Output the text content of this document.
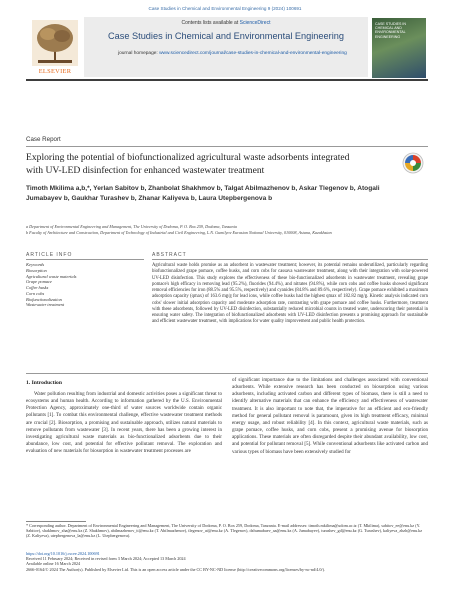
Case Studies in Chemical and Environmental Engineering 9 (2024) 100691
Contents lists available at ScienceDirect
ELSEVIER
Case Studies in Chemical and Environmental Engineering
journal homepage: www.sciencedirect.com/journal/case-studies-in-chemical-and-environmental-engineering
CASE STUDIES IN CHEMICAL AND ENVIRONMENTAL ENGINEERING
Case Report
Exploring the potential of biofunctionalized agricultural waste adsorbents integrated with UV-LED disinfection for enhanced wastewater treatment
Timoth Mkilima a,b,*, Yerlan Sabitov b, Zhanbolat Shakhmov b, Talgat Abilmazhenov b, Askar Tlegenov b, Atogali Jumabayev b, Gaukhar Turashev b, Zhanar Kaliyeva b, Laura Utepbergenova b
a Department of Environmental Engineering and Management, The University of Dodoma, P. O. Box 259, Dodoma, Tanzania
b Faculty of Architecture and Construction, Department of Technology of Industrial and Civil Engineering, L.N. Gumilyov Eurasian National University, 010008, Astana, Kazakhstan
ARTICLE INFO	ABSTRACT
Keywords
Biosorption
Agricultural waste materials
Grape pomace
Coffee husks
Corn cobs
Biofunctionalization
Wastewater treatment
Agricultural waste holds promise as an adsorbent in wastewater treatment; however, its potential remains underutilized, particularly regarding biofunctionalized grape pomace, coffee husks, and corn cobs for cassava wastewater treatment, along with their integration with solar-powered UV-LED disinfection. This study explores the effectiveness of these bio-functionalized adsorbents in wastewater treatment, revealing grape pomace's high efficacy in removing lead (95.2%), fluorides (94.4%), and nitrates (94.8%), while corn cobs and coffee husks showed significant removal efficiencies for iron (88.5% and 95.5%, respectively) and cyanides (84.8% and 89.6%, respectively). Grape pomace exhibited a maximum adsorption capacity (qmax) of 163.6 mg/g for lead ions, while coffee husks had the highest qmax of 182.82 mg/g. Kinetic analysis indicated corn cobs' slower initial adsorption capacity and moderate adsorption rate, contrasting with grape pomace and coffee husks. Furthermore, treatment with these adsorbents, followed by UV-LED disinfection, substantially reduced microbial counts in treated water, underscoring their potential in ensuring water safety. The integration of biofunctionalized adsorbents with UV-LED disinfection presents a promising approach for sustainable and efficient wastewater treatment, with implications for water quality improvement and public health protection.
1. Introduction
Water pollution resulting from industrial and domestic activities poses a significant threat to ecosystems and human health. According to information gathered by the U.S. Environmental Protection Agency, approximately one-third of water sources worldwide contain organic pollutants [1]. To combat this environmental challenge, effective wastewater treatment methods are crucial [2]. Biosorption, a promising and sustainable approach, utilizes natural materials to remove pollutants from wastewater [3]. In recent years, there has been a growing interest in investigating agricultural waste materials as bio-functionalized adsorbents due to their abundance, low cost, and potential for effective pollutant removal. The exploration and evaluation of new materials for biosorption in wastewater treatment processes are
of significant importance due to the limitations and challenges associated with conventional adsorbents. While extensive research has been conducted on biosorption using various adsorbents, including activated carbon and different types of biomass, there is still a need to identify alternative materials that can enhance the efficiency and effectiveness of wastewater treatment. It is also important to note that, the imperative for an efficient and eco-friendly method for general pollutant removal is paramount, given its high treatment efficacy, minimal energy usage, and robust reliability [4]. In this context, agricultural waste materials, such as grape pomace, coffee husks, and corn cobs, present a promising avenue for biosorption applications. These materials are often disregarded despite their abundant availability, low cost, and potential for pollutant removal [5]. While conventional adsorbents like activated carbon and various types of biomass have been extensively studied for
* Corresponding author. Department of Environmental Engineering and Management, The University of Dodoma, P. O. Box 259, Dodoma, Tanzania. E-mail addresses: timoth.mkilima@udom.ac.tz (T. Mkilima), sabitov_ee@enu.kz (Y. Sabitov), shakhmov_zha@enu.kz (Z. Shakhmov), abilmazhenov_tt@enu.kz (T. Abilmazhenov), tlegenov_at@enu.kz (A. Tlegenov), dzhumabaev_aa@enu.kz (A. Jumabayev), turashev_gd@enu.kz (G. Turashev), kaliyeva_zhzh@enu.kz (Z. Kaliyeva), utepbergenova_la@enu.kz (L. Utepbergenova).
https://doi.org/10.1016/j.cscee.2024.100691
Received 11 February 2024; Received in revised form 3 March 2024; Accepted 13 March 2024
Available online 16 March 2024
2666-0164/© 2024 The Author(s). Published by Elsevier Ltd. This is an open access article under the CC BY-NC-ND license (http://creativecommons.org/licenses/by-nc-nd/4.0/).
